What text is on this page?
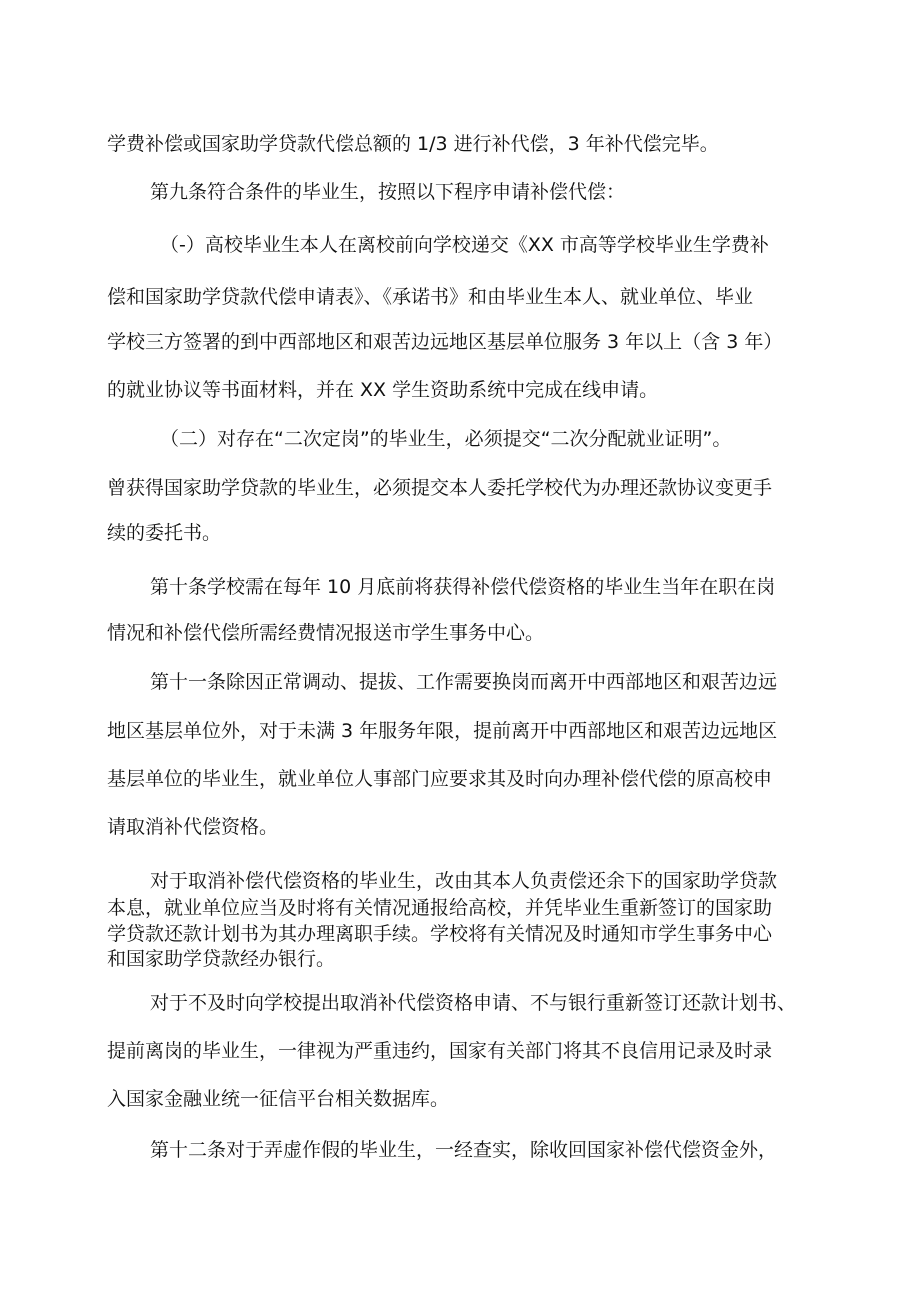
学费补偿或国家助学贷款代偿总额的 1/3 进行补代偿，3 年补代偿完毕。
第九条符合条件的毕业生，按照以下程序申请补偿代偿：
（-）高校毕业生本人在离校前向学校递交《XX 市高等学校毕业生学费补
偿和国家助学贷款代偿申请表》、《承诺书》和由毕业生本人、就业单位、毕业
学校三方签署的到中西部地区和艰苦边远地区基层单位服务 3 年以上（含 3 年）
的就业协议等书面材料，并在 XX 学生资助系统中完成在线申请。
（二）对存在“二次定岗”的毕业生，必须提交“二次分配就业证明”。
曾获得国家助学贷款的毕业生，必须提交本人委托学校代为办理还款协议变更手
续的委托书。
第十条学校需在每年 10 月底前将获得补偿代偿资格的毕业生当年在职在岗
情况和补偿代偿所需经费情况报送市学生事务中心。
第十一条除因正常调动、提拔、工作需要换岗而离开中西部地区和艰苦边远
地区基层单位外，对于未满 3 年服务年限，提前离开中西部地区和艰苦边远地区
基层单位的毕业生，就业单位人事部门应要求其及时向办理补偿代偿的原高校申
请取消补代偿资格。
对于取消补偿代偿资格的毕业生，改由其本人负责偿还余下的国家助学贷款
本息，就业单位应当及时将有关情况通报给高校，并凭毕业生重新签订的国家助
学贷款还款计划书为其办理离职手续。学校将有关情况及时通知市学生事务中心
和国家助学贷款经办银行。
对于不及时向学校提出取消补代偿资格申请、不与银行重新签订还款计划书、
提前离岗的毕业生，一律视为严重违约，国家有关部门将其不良信用记录及时录
入国家金融业统一征信平台相关数据库。
第十二条对于弄虚作假的毕业生，一经查实，除收回国家补偿代偿资金外，
